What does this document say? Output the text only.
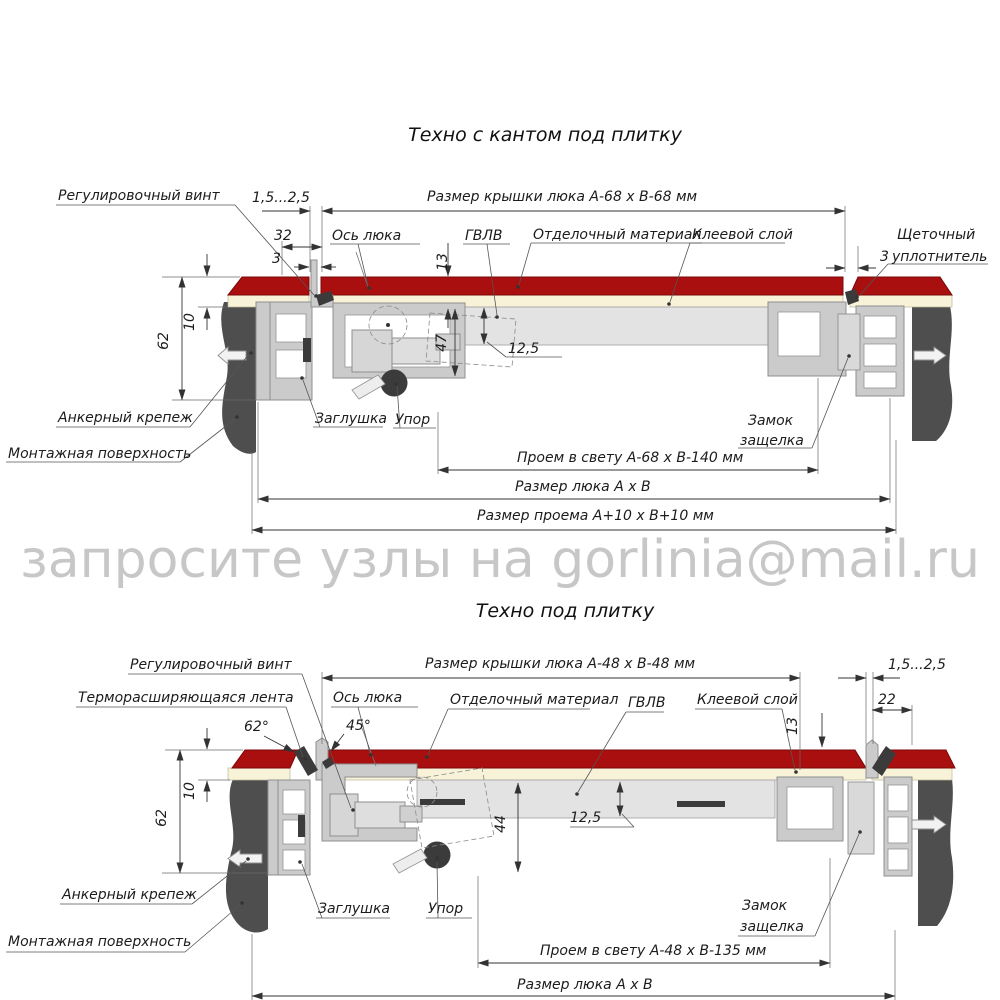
Техно с кантом под плитку
Техно под плитку
запросите узлы на gorlinia@mail.ru
Регулировочный винт 1,5...2,5	Размер крышки люка А-68 х В-68 мм
32
3
Ось люка	ГВЛВ
13
Отделочный материал
Клеевой слой
3
Щеточный
уплотнитель
10
62	47	12,5
Анкерный крепеж	Заглушка Упор	Замок
защелка
Монтажная поверхность	Проем в свету А-68 х В-140 мм
Размер люка А х В
Размер проема А+10 х В+10 мм
Регулировочный винт
Терморасширяющаяся лента
Размер крышки люка А-48 х В-48 мм	1,5...2,5
Ось люка
45°
62°
Отделочный материал ГВЛВ Клеевой слой	22
13
10
62	44	12,5
Анкерный крепеж
Заглушка	Упор	Замок
защелка
Монтажная поверхность
Проем в свету А-48 х В-135 мм
Размер люка А х В
